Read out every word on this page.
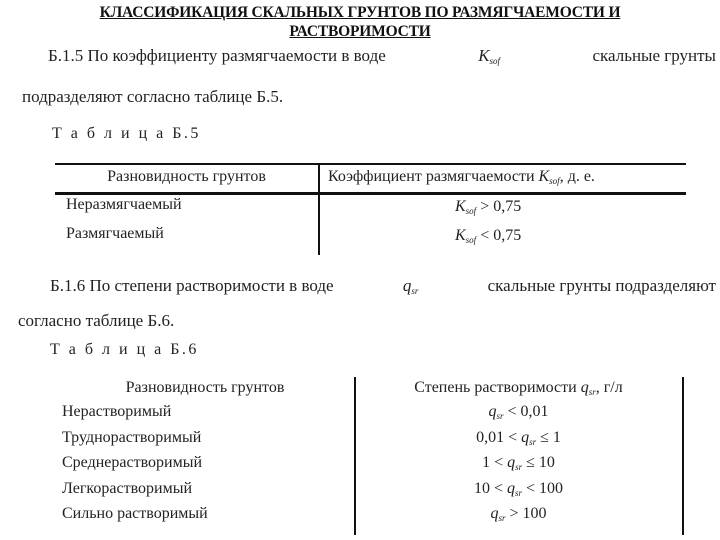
КЛАССИФИКАЦИЯ СКАЛЬНЫХ ГРУНТОВ ПО РАЗМЯГЧАЕМОСТИ И
РАСТВОРИМОСТИ
Б.1.5 По коэффициенту размягчаемости в воде	$K_{sof}$	скальные грунты
подразделяют согласно таблице Б.5.
Т а б л и ц а Б.5
Разновидность грунтов	Коэффициент размягчаемости $K_{sof}$, д. е.
Неразмягчаемый	$K_{sof} > 0,75$
Размягчаемый	$K_{sof} < 0,75$
Б.1.6 По степени растворимости в воде	$q_{sr}$	скальные грунты подразделяют
согласно таблице Б.6.
Т а б л и ц а Б.6
Разновидность грунтов	Степень растворимости $q_{sr}$, г/л
Нерастворимый	$q_{sr} < 0,01$
Труднорастворимый	$0,01 < q_{sr} \le 1$
Среднерастворимый	$1 < q_{sr} \le 10$
Легкорастворимый	$10 < q_{sr} < 100$
Сильно растворимый	$q_{sr} > 100$
